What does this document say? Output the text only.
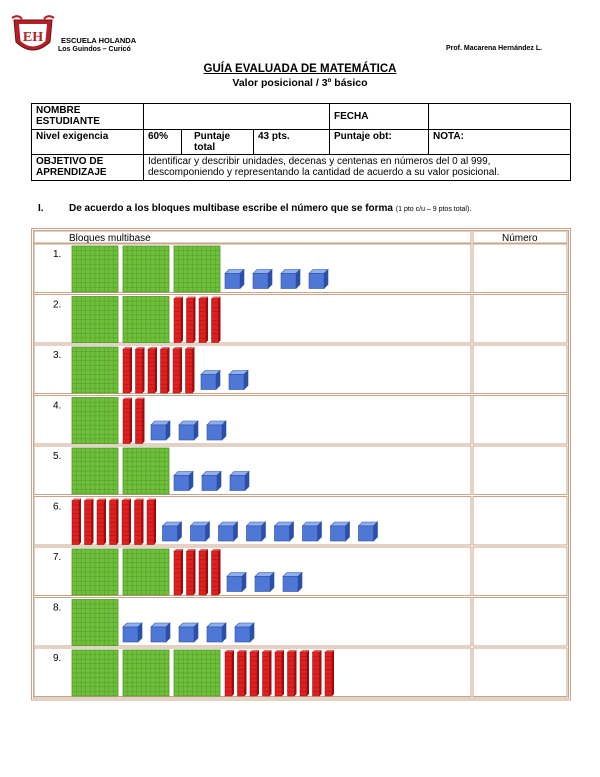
EH ESCUELA HOLANDA
Los Guindos – Curicó	Prof. Macarena Hernández L.
GUÍA EVALUADA DE MATEMÁTICA
Valor posicional / 3º básico
NOMBRE ESTUDIANTE				FECHA	
Nivel exigencia	60%	Puntaje total	43 pts.	Puntaje obt:	NOTA:
OBJETIVO DE APRENDIZAJE	Identificar y describir unidades, decenas y centenas en números del 0 al 999, descomponiendo y representando la cantidad de acuerdo a su valor posicional.				
I.	De acuerdo a los bloques multibase escribe el número que se forma (1 pto c/u – 9 ptos total).
Bloques multibase	Número
1.
2.
3.
4.
5.
6.
7.
8.
9.
